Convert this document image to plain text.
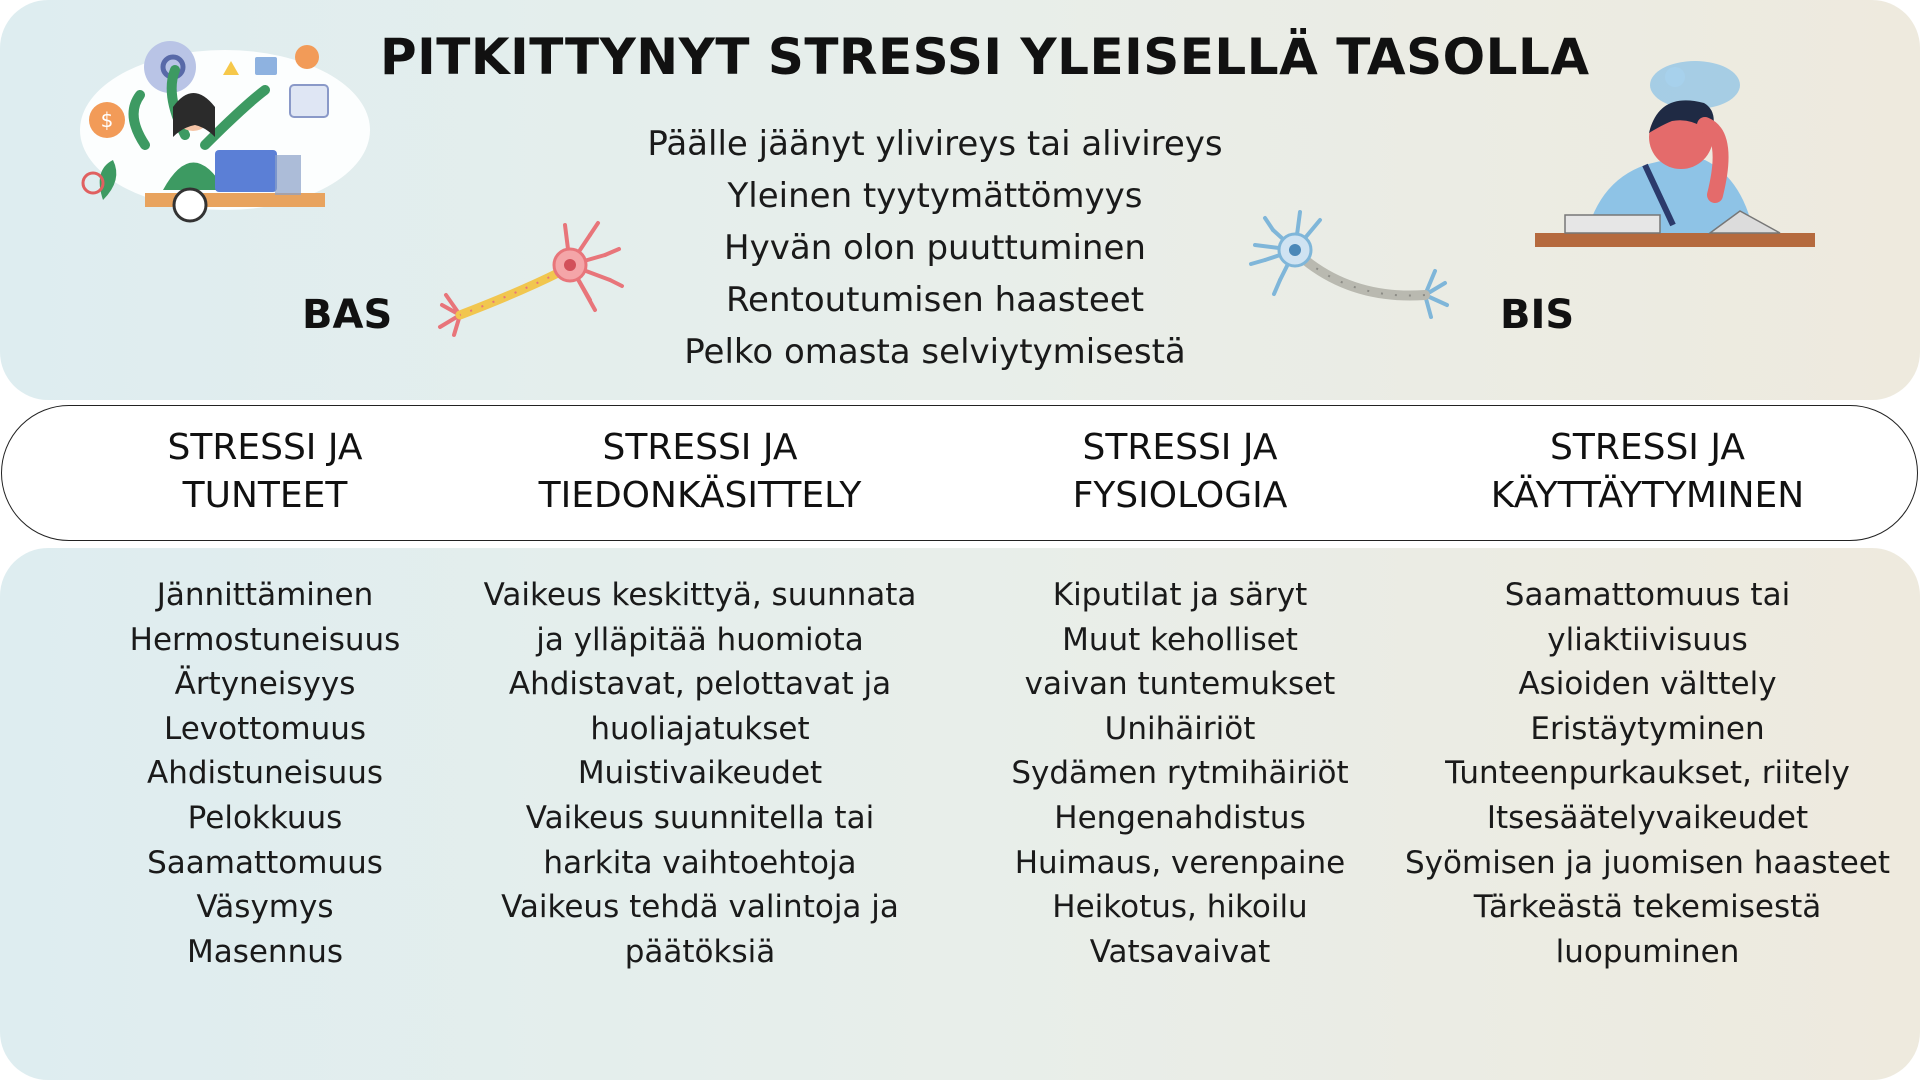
PITKITTYNYT STRESSI YLEISELLÄ TASOLLA
Päälle jäänyt ylivireys tai alivireys
Yleinen tyytymättömyys
Hyvän olon puuttuminen
Rentoutumisen haasteet
Pelko omasta selviytymisestä

BAS	BIS

$
STRESSI JA
TUNTEET
STRESSI JA
TIEDONKÄSITTELY
STRESSI JA
FYSIOLOGIA
STRESSI JA
KÄYTTÄYTYMINEN
Jännittäminen
Hermostuneisuus
Ärtyneisyys
Levottomuus
Ahdistuneisuus
Pelokkuus
Saamattomuus
Väsymys
Masennus
Vaikeus keskittyä, suunnata
ja ylläpitää huomiota
Ahdistavat, pelottavat ja
huoliajatukset
Muistivaikeudet
Vaikeus suunnitella tai
harkita vaihtoehtoja
Vaikeus tehdä valintoja ja
päätöksiä
Kiputilat ja säryt
Muut keholliset
vaivan tuntemukset
Unihäiriöt
Sydämen rytmihäiriöt
Hengenahdistus
Huimaus, verenpaine
Heikotus, hikoilu
Vatsavaivat
Saamattomuus tai
yliaktiivisuus
Asioiden välttely
Eristäytyminen
Tunteenpurkaukset, riitely
Itsesäätelyvaikeudet
Syömisen ja juomisen haasteet
Tärkeästä tekemisestä
luopuminen
